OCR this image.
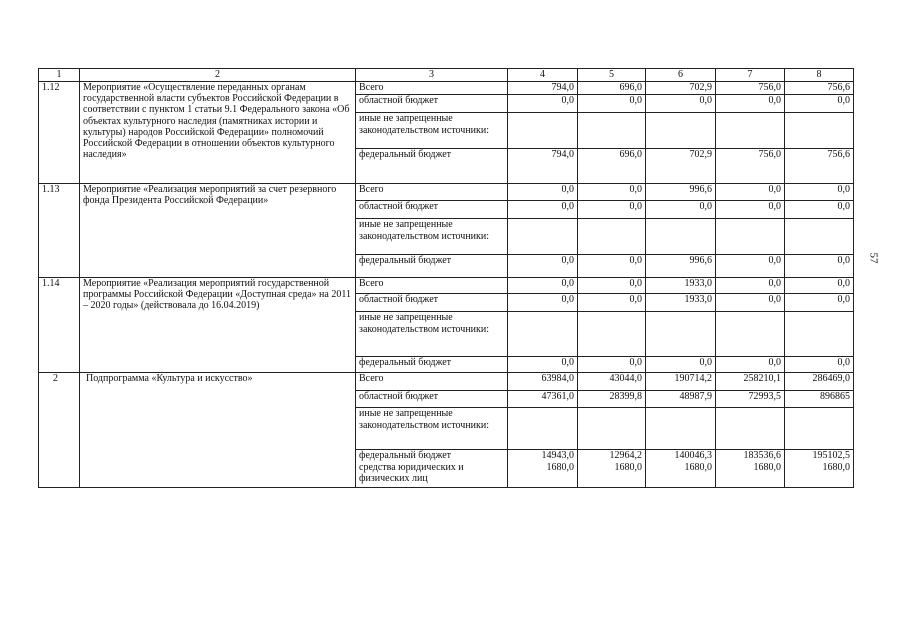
57
1	2	3	4	5	6	7	8
1.12	Мероприятие «Осуществление переданных органам государственной власти субъектов Российской Федерации в соответствии с пунктом 1 статьи 9.1 Федерального закона «Об объектах культурного наследия (памятниках истории и культуры) народов Российской Федерации» полномочий Российской Федерации в отношении объектов культурного наследия»	Всего	794,0	696,0	702,9	756,0	756,6
		областной бюджет	0,0	0,0	0,0	0,0	0,0
		иные не запрещенные законодательством источники:					
		федеральный бюджет	794,0	696,0	702,9	756,0	756,6
1.13	Мероприятие «Реализация мероприятий за счет резервного фонда Президента Российской Федерации»	Всего	0,0	0,0	996,6	0,0	0,0
		областной бюджет	0,0	0,0	0,0	0,0	0,0
		иные не запрещенные законодательством источники:					
		федеральный бюджет	0,0	0,0	996,6	0,0	0,0
1.14	Мероприятие «Реализация мероприятий государственной программы Российской Федерации «Доступная среда» на 2011 – 2020 годы» (действовала до 16.04.2019)	Всего	0,0	0,0	1933,0	0,0	0,0
		областной бюджет	0,0	0,0	1933,0	0,0	0,0
		иные не запрещенные законодательством источники:					
		федеральный бюджет	0,0	0,0	0,0	0,0	0,0
2	Подпрограмма «Культура и искусство»	Всего	63984,0	43044,0	190714,2	258210,1	286469,0
		областной бюджет	47361,0	28399,8	48987,9	72993,5	896865
		иные не запрещенные законодательством источники:					
		федеральный бюджет	14943,0	12964,2	140046,3	183536,6	195102,5
		средства юридических и физических лиц	1680,0	1680,0	1680,0	1680,0	1680,0
